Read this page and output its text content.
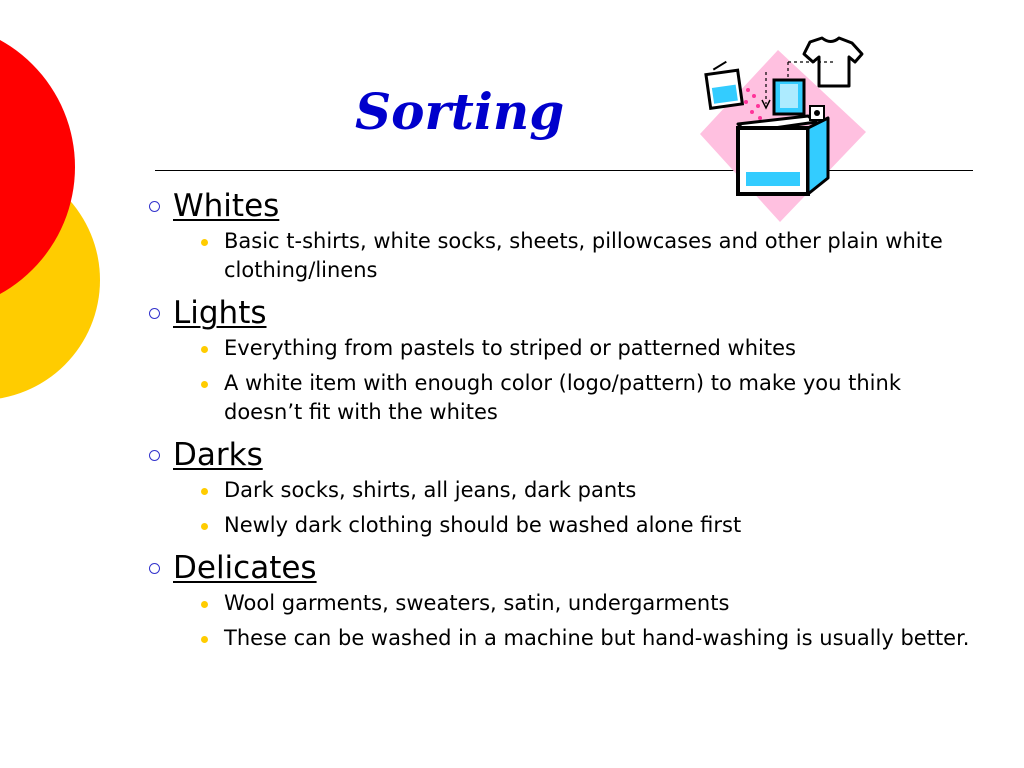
Sorting
Whites
Basic t-shirts, white socks, sheets, pillowcases and other plain white clothing/linens
Lights
Everything from pastels to striped or patterned whites
A white item with enough color (logo/pattern) to make you think doesn’t fit with the whites
Darks
Dark socks, shirts, all jeans, dark pants
Newly dark clothing should be washed alone first
Delicates
Wool garments, sweaters, satin, undergarments
These can be washed in a machine but hand-washing is usually better.
